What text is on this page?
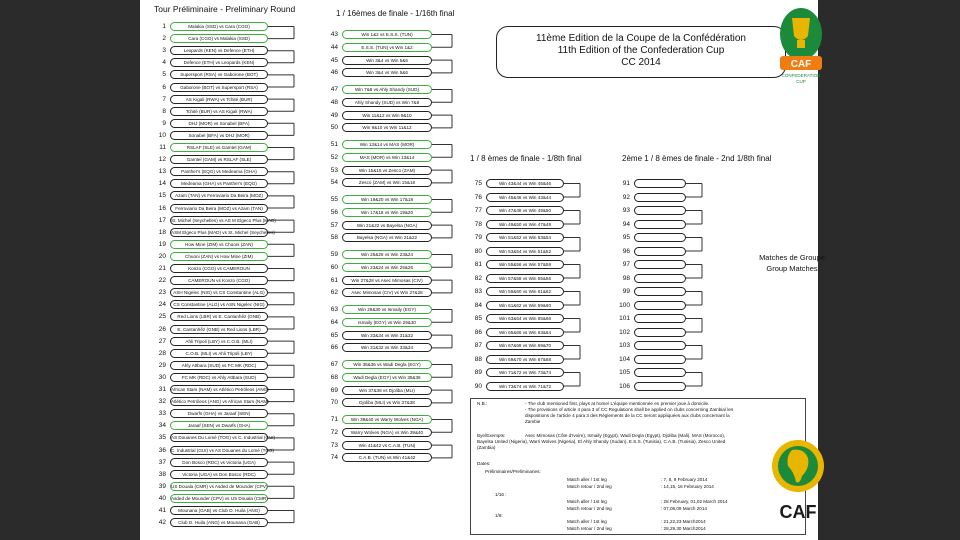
Tour Préliminaire - Preliminary Round	1 / 16èmes de finale - 1/16th final
1 / 8 èmes de finale - 1/8th final	2ème 1 / 8 èmes de finale - 2nd 1/8th final
11ème Edition de la Coupe de la Confédération
11th Edition of the Confederation Cup
CC 2014
Matches de Groupe
Group Matches
1	Malakia (SSD) vs Cara (CGO)
2	Cara (CGO) vs Malakia (SSD)
3	Leopards (KEN) vs Defence (ETH)
4	Defence (ETH) vs Leopards (KEN)
5	Supersport (RSA) vs Gaborone (BOT)
6	Gaborone (BOT) vs Supersport (RSA)
7	AS Kigali (RWA) vs Tchité (BUR)
8	Tchité (BUR) vs AS Kigali (RWA)
9	DHJ (MOR) vs Sonabel (BFA)
10	Sonabel (BFA) vs DHJ (MOR)
11	RSLAF (SLE) vs Gamtel (GAM)
12	Gamtel (GAM) vs RSLAF (SLE)
13	Panther's (EQG) vs Medeama (GHA)
14	Medeama (GHA) vs Panther's (EQG)
15	Azam (TAN) vs Ferroviario Da Beira (MOZ)
16	Ferroviario Da Beira (MOZ) vs Azam (TAN)
17 St. Michel (Seychelles) vs AS M Elgeco Plus (MAD)
18 ASM Elgeco Plus (MAD) vs St. Michel (Seychelles)
19	How Mine (ZIM) vs Chuoni (ZAN)
20	Chuoni (ZAN) vs How Mine (ZIM)
21	Konzo (CGO) vs CAMEROUN
22	CAMEROUN vs Konzo (CGO)
23	ASH Nigelec (NIG) vs CS Constantine (ALG)
24	CS Constantine (ALG) vs ASN Nigelec (NIG)
25	Red Lions (LBR) vs E. Cantanhêz (GNB)
26	E. Cantanhêz (GNB) vs Red Lions (LBR)
27	Ahli Tripoli (LBY) vs C.O.B. (MLI)
28	C.O.B. (MLI) vs Ahli Tripoli (LBY)
29	Ahly Attbara (SUD) vs FC MK (RDC)
30	FC MK (RDC) vs Ahly Attbara (SUD)
31 African Stars (NAM) vs Atlético Petróleos (ANG)
32 Atlético Petróleos (ANG) vs African Stars (NAM)
33	Dwarfs (GHA) vs Jaraaf (SEN)
34	Jaraaf (SEN) vs Dwarfs (GHA)
35 AS Douanes Du Lomé (TOG) vs C. Industrial (GUI)
36 C. Industrial (GUI) vs AS Douanes du Lomé (TOG)
37	Don Bosco (RDC) vs Victoria (UGA)
38	Victoria (UGA) vs Don Bosco (RDC)
39 US Douala (CMR) vs Asded de Mounder (CPV)
40 Asded de Mounder (CPV) vs US Douala (CMR)
41	Mounana (GAB) vs Club D. Huila (ANG)
42	Club D. Huila (ANG) vs Mounana (GAB)
43	Win 1&2 vs E.S.S. (TUN)
44	E.S.S. (TUN) vs Win 1&2
45	Win 3&4 vs Win 5&6
46	Win 3&4 vs Win 5&6
47	Win 7&8 vs Ahly Shandy (SUD)
48	Ahly Shandy (SUD) vs Win 7&8
49	Win 11&12 vs Win 9&10
50	Win 9&10 vs Win 11&12
51	Win 13&14 vs MAS (MOR)
52	MAS (MOR) vs Win 13&14
53	Win 15&16 vs Zesco (ZAM)
54	Zesco (ZAM) vs Win 15&16
55	Win 19&20 vs Win 17&18
56	Win 17&18 vs Win 19&20
57	Win 21&22 vs Bayelsa (NGA)
58	Bayelsa (NGA) vs Win 21&22
59	Win 25&26 vs Win 23&24
60	Win 23&24 vs Win 25&26
61	Win 27&28 vs Asec Mimosas (CIV)
62	Asec Mimosas (CIV) vs Win 27&28
63	Win 29&30 vs Ismaily (EGY)
64	Ismaily (EGY) vs Win 29&30
65	Win 33&34 vs Win 31&32
66	Win 31&32 vs Win 33&34
67	Win 35&36 vs Wadi Degla (EGY)
68	Wadi Degla (EGY) vs Win 35&36
69	Win 37&38 vs Djoliba (MLI)
70	Djoliba (MLI) vs Win 37&38
71	Win 39&40 vs Warry Wolves (NGA)
72	Warry Wolves (NGA) vs Win 39&40
73	Win 41&42 vs C.A.B. (TUN)
74	C.A.B. (TUN) vs Win 41&42
75	Win 43&44 vs Win 45&46
76	Win 45&46 vs Win 43&44
77	Win 47&48 vs Win 49&50
78	Win 49&50 vs Win 47&48
79	Win 51&52 vs Win 53&54
80	Win 53&54 vs Win 51&52
81	Win 55&56 vs Win 57&58
82	Win 57&58 vs Win 55&56
83	Win 59&60 vs Win 61&62
84	Win 61&62 vs Win 59&60
85	Win 63&64 vs Win 65&66
86	Win 65&66 vs Win 63&64
87	Win 67&68 vs Win 69&70
88	Win 69&70 vs Win 67&68
89	Win 71&72 vs Win 73&74
90	Win 73&74 vs Win 71&72
91
92
93
94
95
96
97
98
99
100
101
102
103
104
105
106
N.B.:	- The club mentioned first, plays at home/ L'équipe mentionnée en premier joue à domicile.
- The provisions of article 4 para 3 of CC Regulations shall be applied on clubs concerning Zambia/ les
dispositions de l'article 4 para 3 des Règlements de la CC seront appliquées aux clubs concernant la
Zambie
Bye/Exempts:	Asec Mimosas (Côte d'Ivoire), Ismaily (Egypt), Wadi Degla (Egypt), Djoliba (Mali), MAS (Morocco),
Bayelsa United (Nigeria), Warri Wolves (Nigeria), El Ahly Shandy (Sudan), E.S.S. (Tunisia), C.A.B. (Tunisia), Zesco United
(Zambia)
Dates:
Préliminaires/Preliminaries:
Match aller / 1st leg	: 7, 8, 9 February 2014
Match retour / 2nd leg	: 14,15, 16 February 2014
1/16 :
Match aller / 1st leg	: 28 February, 01,02 March 2014
Match retour / 2nd leg	: 07,08,09 March 2014
1/8:
Match aller / 1st leg	: 21,22,23 March2014
Match retour / 2nd leg	: 28,29,30 March2014
CAF
CONFEDERATION
CUP
CAF
